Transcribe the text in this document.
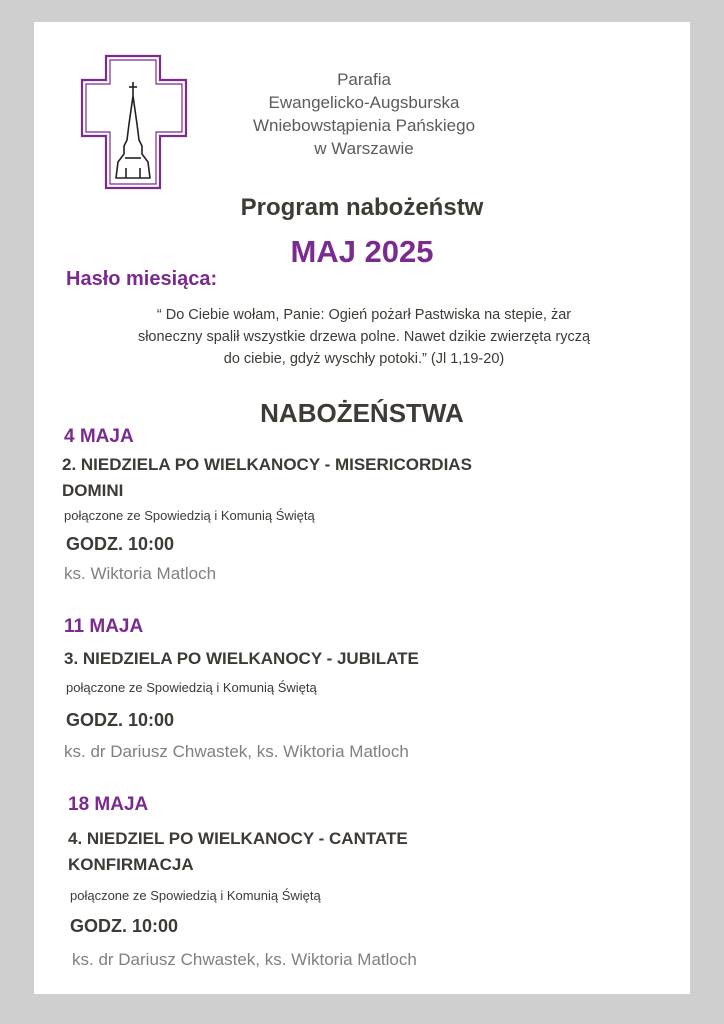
Parafia
Ewangelicko-Augsburska
Wniebowstąpienia Pańskiego
w Warszawie
Program nabożeństw
MAJ 2025
Hasło miesiąca:
“ Do Ciebie wołam, Panie: Ogień pożarł Pastwiska na stepie, żar
słoneczny spalił wszystkie drzewa polne. Nawet dzikie zwierzęta ryczą
do ciebie, gdyż wyschły potoki.” (Jl 1,19-20)
NABOŻEŃSTWA
4 MAJA
2. NIEDZIELA PO WIELKANOCY - MISERICORDIAS
DOMINI
połączone ze Spowiedzią i Komunią Świętą
GODZ. 10:00
ks. Wiktoria Matloch
11 MAJA
3. NIEDZIELA PO WIELKANOCY - JUBILATE
połączone ze Spowiedzią i Komunią Świętą
GODZ. 10:00
ks. dr Dariusz Chwastek, ks. Wiktoria Matloch
18 MAJA
4. NIEDZIEL PO WIELKANOCY - CANTATE
KONFIRMACJA
połączone ze Spowiedzią i Komunią Świętą
GODZ. 10:00
ks. dr Dariusz Chwastek, ks. Wiktoria Matloch
